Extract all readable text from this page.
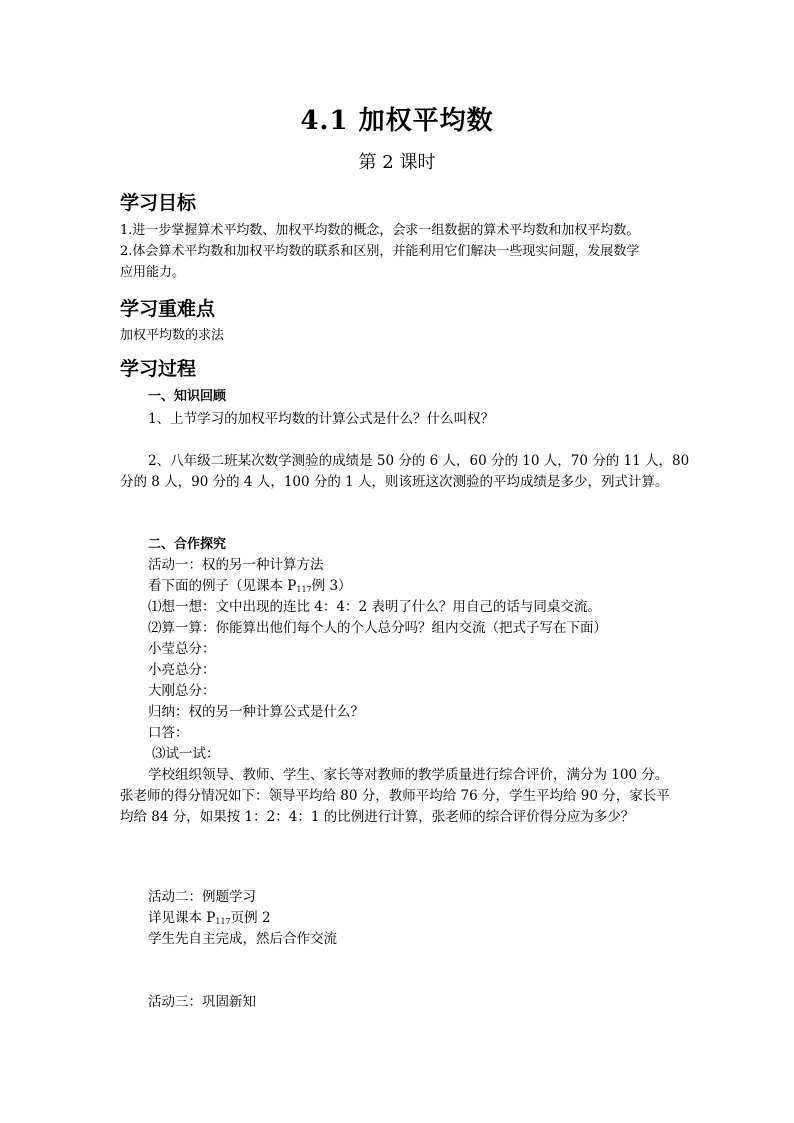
4.1 加权平均数
第 2 课时
学习目标
1.进一步掌握算术平均数、加权平均数的概念，会求一组数据的算术平均数和加权平均数。
2.体会算术平均数和加权平均数的联系和区别，并能利用它们解决一些现实问题，发展数学
应用能力。
学习重难点
加权平均数的求法
学习过程
一、知识回顾
1、上节学习的加权平均数的计算公式是什么？什么叫权？
2、八年级二班某次数学测验的成绩是 50 分的 6 人，60 分的 10 人，70 分的 11 人，80
分的 8 人，90 分的 4 人，100 分的 1 人，则该班这次测验的平均成绩是多少，列式计算。
二、合作探究
活动一：权的另一种计算方法
看下面的例子（见课本 $P_{117}$例 3）
⑴想一想：文中出现的连比 4：4：2 表明了什么？用自己的话与同桌交流。
⑵算一算：你能算出他们每个人的个人总分吗？组内交流（把式子写在下面）
小莹总分：
小亮总分：
大刚总分：
归纳：权的另一种计算公式是什么？
口答：
⑶试一试：
学校组织领导、教师、学生、家长等对教师的教学质量进行综合评价，满分为 100 分。
张老师的得分情况如下：领导平均给 80 分，教师平均给 76 分，学生平均给 90 分，家长平
均给 84 分，如果按 1：2：4：1 的比例进行计算，张老师的综合评价得分应为多少？
活动二：例题学习
详见课本 $P_{117}$页例 2
学生先自主完成，然后合作交流
活动三：巩固新知
